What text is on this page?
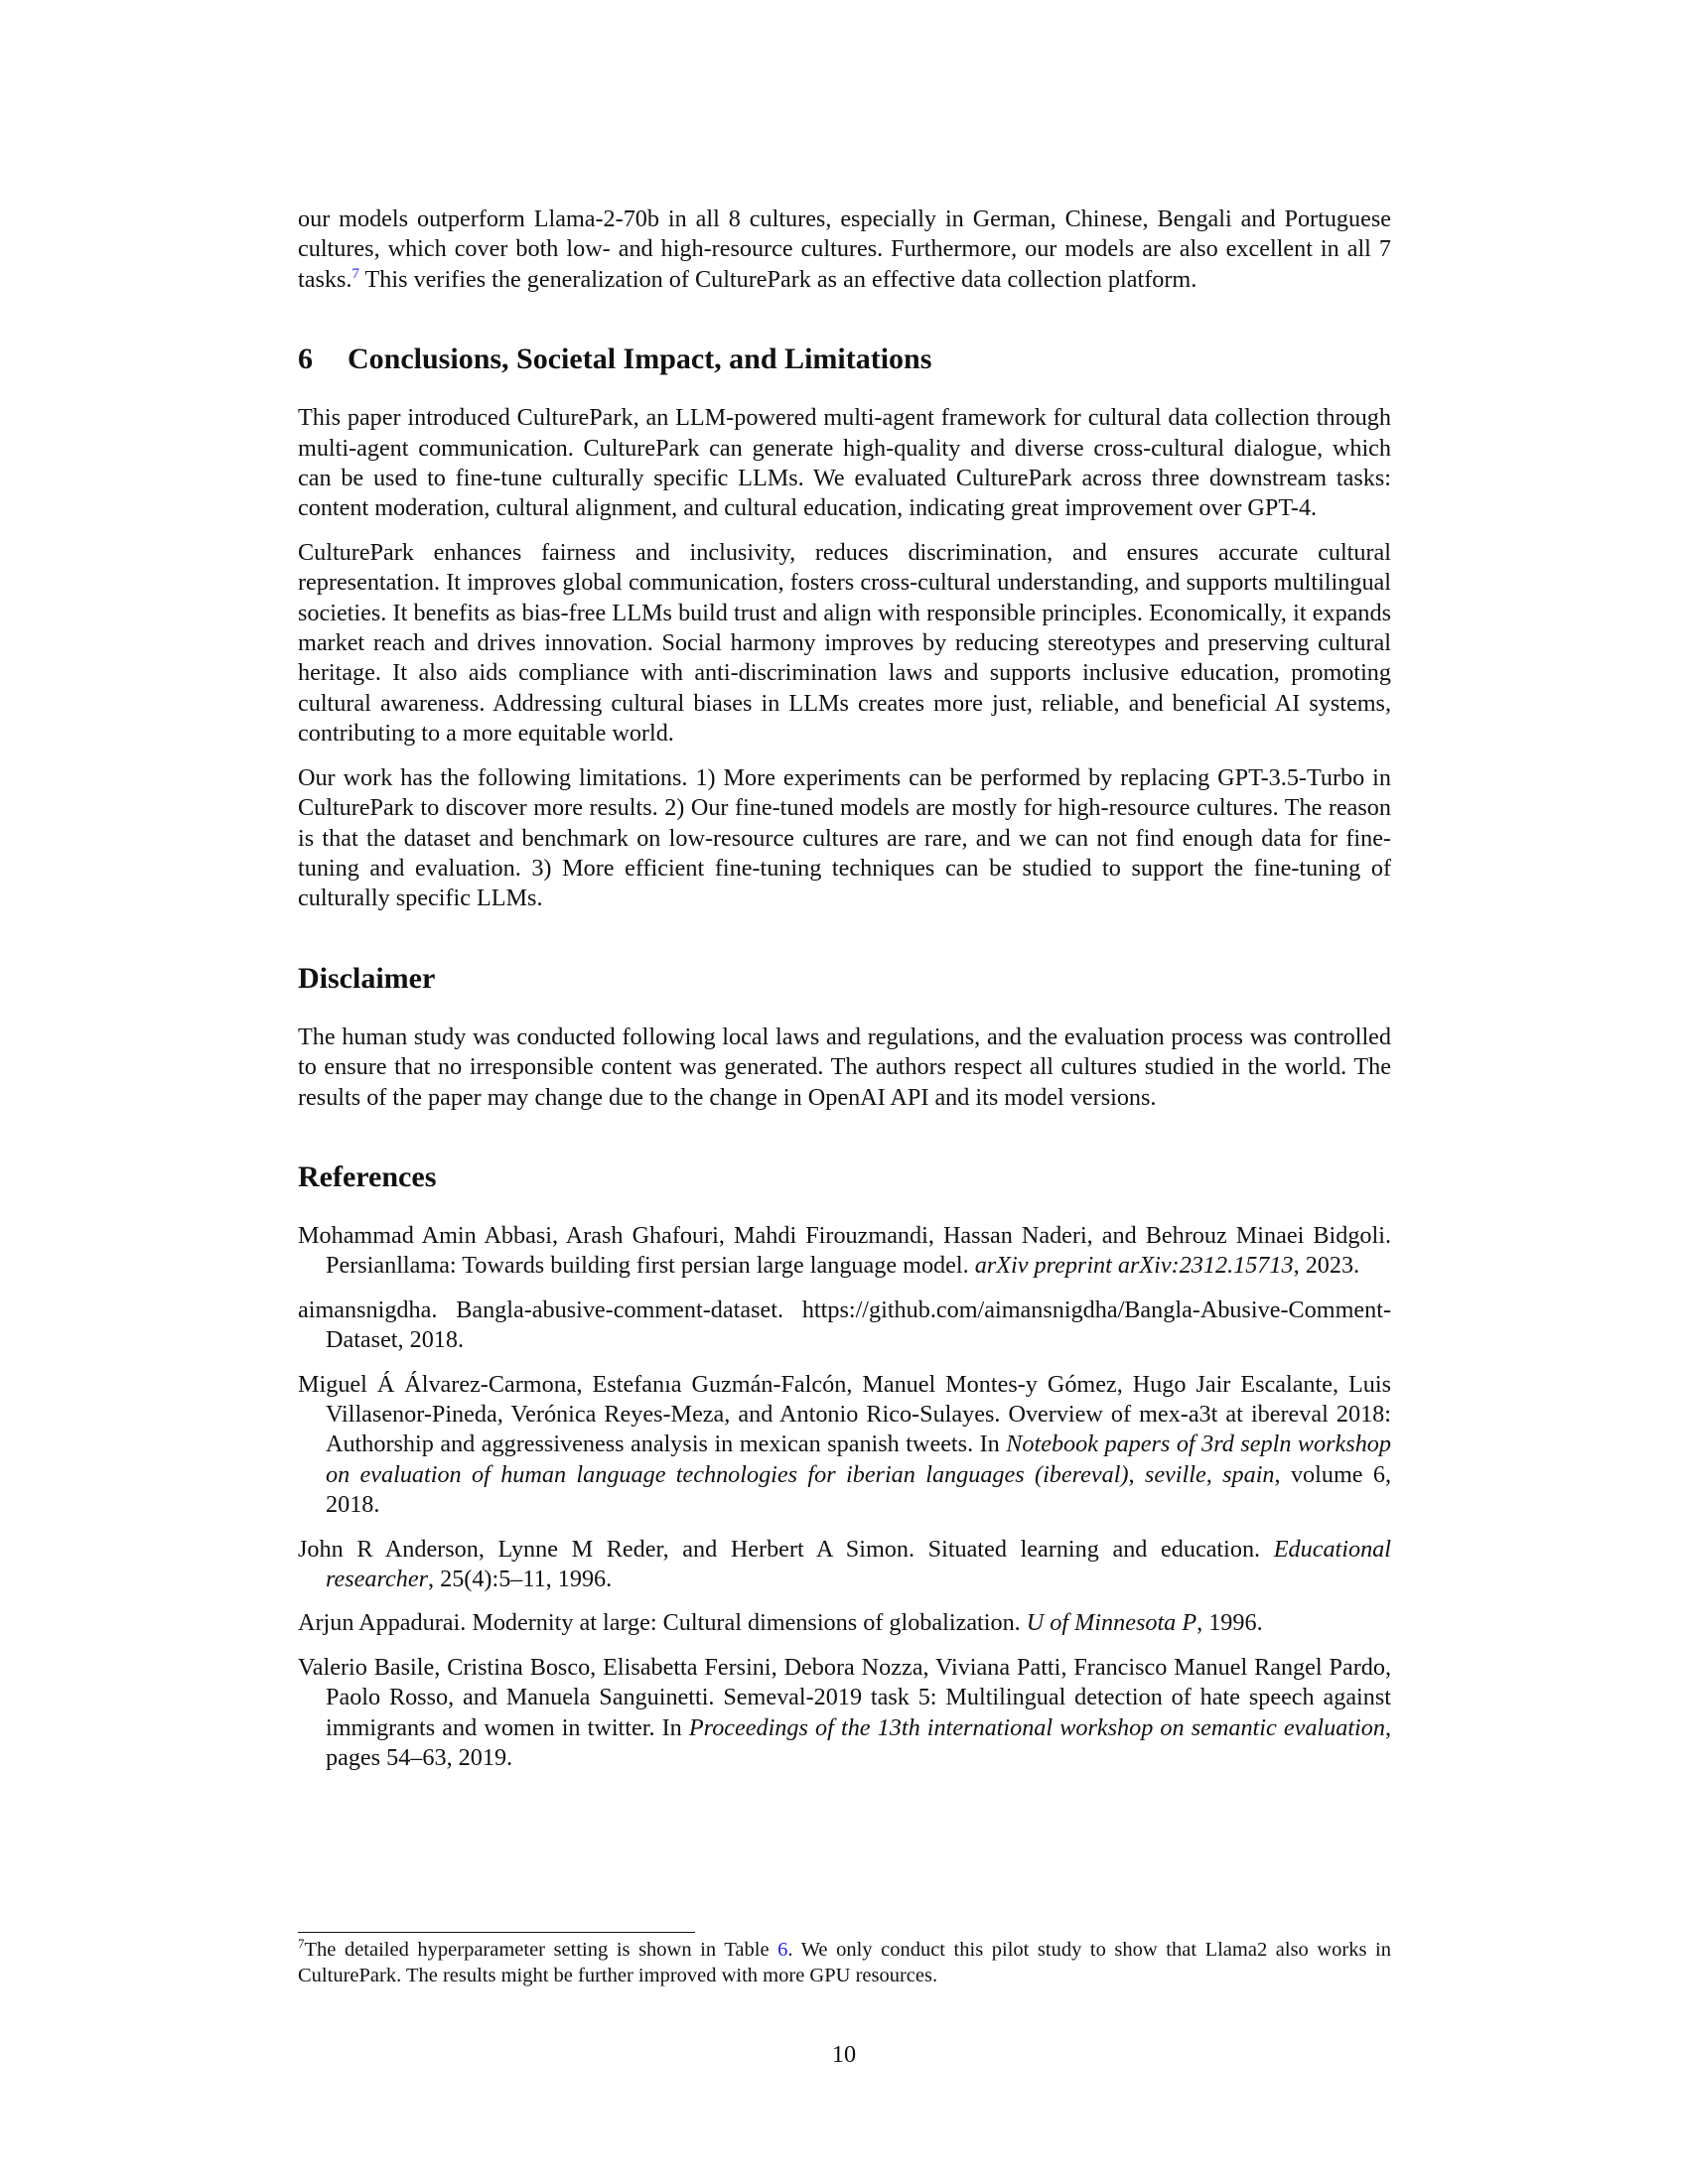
our models outperform Llama-2-70b in all 8 cultures, especially in German, Chinese, Bengali and Portuguese cultures, which cover both low- and high-resource cultures. Furthermore, our models are also excellent in all 7 tasks.$^7$ This verifies the generalization of CulturePark as an effective data collection platform.

6 Conclusions, Societal Impact, and Limitations

This paper introduced CulturePark, an LLM-powered multi-agent framework for cultural data collection through multi-agent communication. CulturePark can generate high-quality and diverse cross-cultural dialogue, which can be used to fine-tune culturally specific LLMs. We evaluated CulturePark across three downstream tasks: content moderation, cultural alignment, and cultural education, indicating great improvement over GPT-4.

CulturePark enhances fairness and inclusivity, reduces discrimination, and ensures accurate cultural representation. It improves global communication, fosters cross-cultural understanding, and supports multilingual societies. It benefits as bias-free LLMs build trust and align with responsible principles. Economically, it expands market reach and drives innovation. Social harmony improves by reducing stereotypes and preserving cultural heritage. It also aids compliance with anti-discrimination laws and supports inclusive education, promoting cultural awareness. Addressing cultural biases in LLMs creates more just, reliable, and beneficial AI systems, contributing to a more equitable world.

Our work has the following limitations. 1) More experiments can be performed by replacing GPT-3.5-Turbo in CulturePark to discover more results. 2) Our fine-tuned models are mostly for high-resource cultures. The reason is that the dataset and benchmark on low-resource cultures are rare, and we can not find enough data for fine-tuning and evaluation. 3) More efficient fine-tuning techniques can be studied to support the fine-tuning of culturally specific LLMs.

Disclaimer

The human study was conducted following local laws and regulations, and the evaluation process was controlled to ensure that no irresponsible content was generated. The authors respect all cultures studied in the world. The results of the paper may change due to the change in OpenAI API and its model versions.

References
Mohammad Amin Abbasi, Arash Ghafouri, Mahdi Firouzmandi, Hassan Naderi, and Behrouz Minaei Bidgoli. Persianllama: Towards building first persian large language model. arXiv preprint arXiv:2312.15713, 2023.
aimansnigdha. Bangla-abusive-comment-dataset. https://github.com/aimansnigdha/Bangla-Abusive-Comment-Dataset, 2018.
Miguel Á Álvarez-Carmona, Estefanıa Guzmán-Falcón, Manuel Montes-y Gómez, Hugo Jair Escalante, Luis Villasenor-Pineda, Verónica Reyes-Meza, and Antonio Rico-Sulayes. Overview of mex-a3t at ibereval 2018: Authorship and aggressiveness analysis in mexican spanish tweets. In Notebook papers of 3rd sepln workshop on evaluation of human language technologies for iberian languages (ibereval), seville, spain, volume 6, 2018.
John R Anderson, Lynne M Reder, and Herbert A Simon. Situated learning and education. Educational researcher, 25(4):5–11, 1996.
Arjun Appadurai. Modernity at large: Cultural dimensions of globalization. U of Minnesota P, 1996.
Valerio Basile, Cristina Bosco, Elisabetta Fersini, Debora Nozza, Viviana Patti, Francisco Manuel Rangel Pardo, Paolo Rosso, and Manuela Sanguinetti. Semeval-2019 task 5: Multilingual detection of hate speech against immigrants and women in twitter. In Proceedings of the 13th international workshop on semantic evaluation, pages 54–63, 2019.
$^7$The detailed hyperparameter setting is shown in Table 6. We only conduct this pilot study to show that Llama2 also works in CulturePark. The results might be further improved with more GPU resources.
10
